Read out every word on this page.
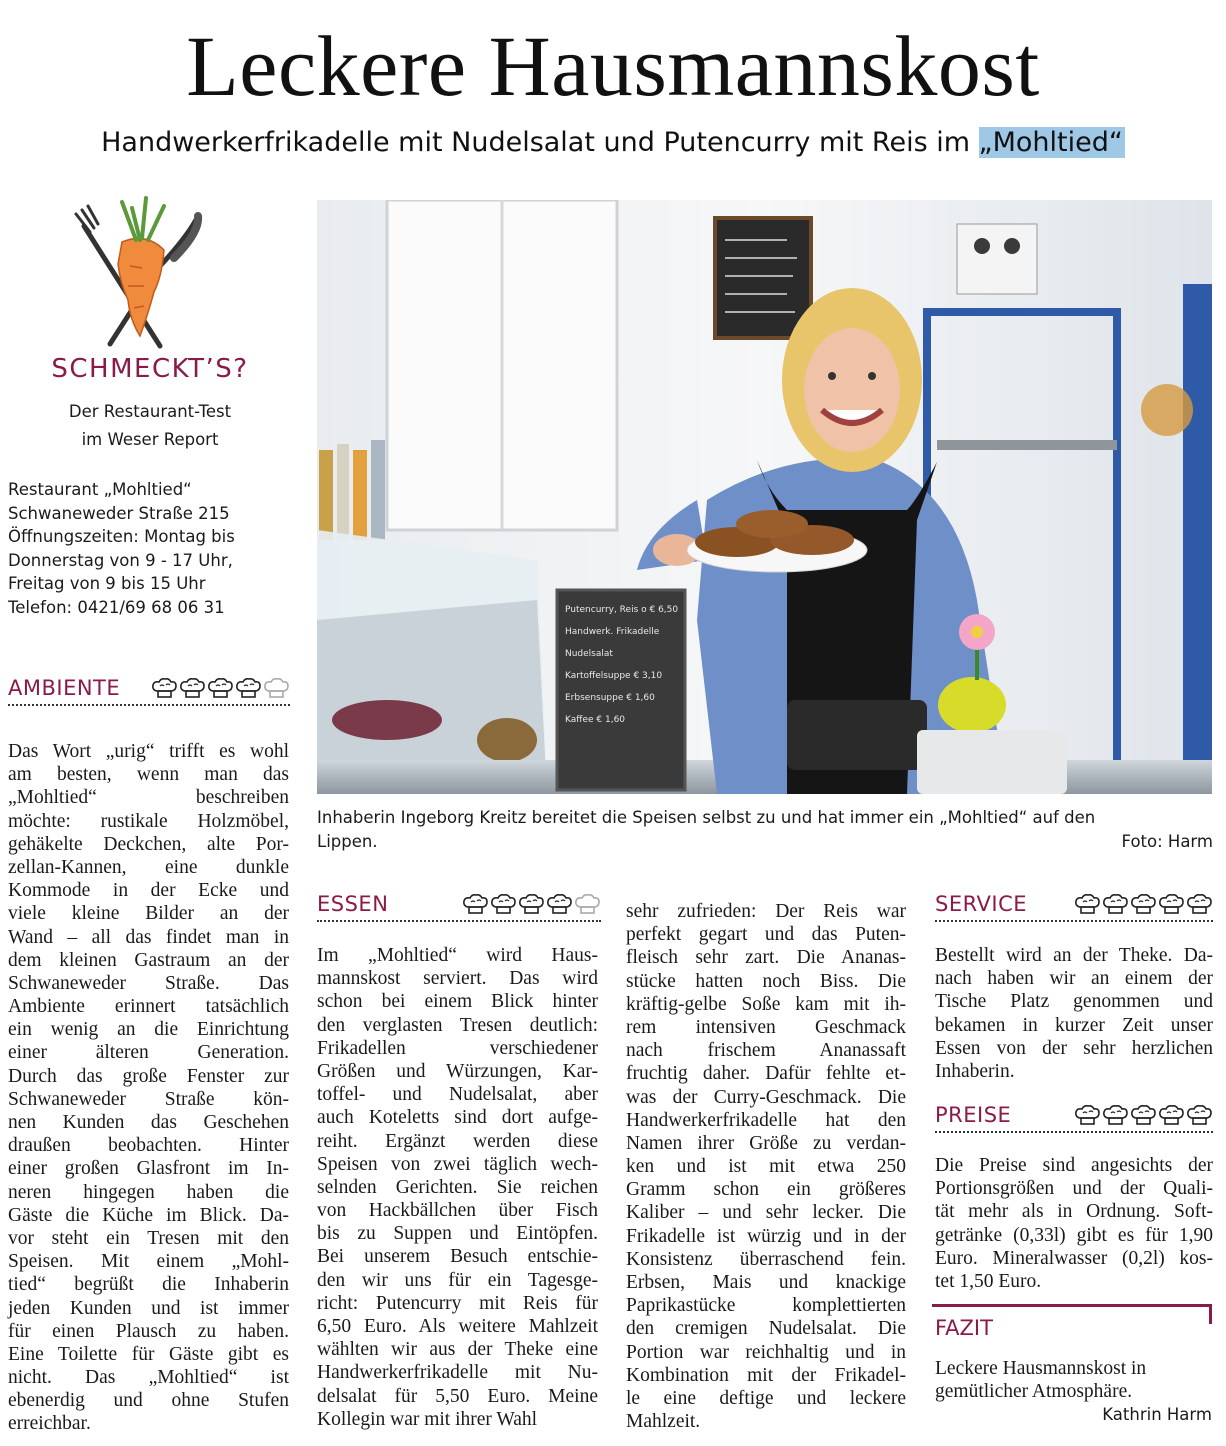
Leckere Hausmannskost
Handwerkerfrikadelle mit Nudelsalat und Putencurry mit Reis im „Mohltied“
SCHMECKT’S?
Der Restaurant-Test
im Weser Report
Restaurant „Mohltied“
Schwaneweder Straße 215
Öffnungszeiten: Montag bis
Donnerstag von 9 - 17 Uhr,
Freitag von 9 bis 15 Uhr
Telefon: 0421/69 68 06 31	Putencurry, Reis o € 6,50
Handwerk. Frikadelle
Nudelsalat
Kartoffelsuppe € 3,10
Erbsensuppe € 1,60
Kaffee € 1,60
Inhaberin Ingeborg Kreitz bereitet die Speisen selbst zu und hat immer ein „Mohltied“ auf den
Lippen.	Foto: Harm
AMBIENTE
ESSEN	SERVICE
PREISE
Das Wort „urig“ trifft es wohl
am besten, wenn man das
„Mohltied“ beschreiben
möchte: rustikale Holzmöbel,
gehäkelte Deckchen, alte Por-
zellan-Kannen, eine dunkle
Kommode in der Ecke und
viele kleine Bilder an der
Wand – all das findet man in
dem kleinen Gastraum an der
Schwaneweder Straße. Das
Ambiente erinnert tatsächlich
ein wenig an die Einrichtung
einer älteren Generation.
Durch das große Fenster zur
Schwaneweder Straße kön-
nen Kunden das Geschehen
draußen beobachten. Hinter
einer großen Glasfront im In-
neren hingegen haben die
Gäste die Küche im Blick. Da-
vor steht ein Tresen mit den
Speisen. Mit einem „Mohl-
tied“ begrüßt die Inhaberin
jeden Kunden und ist immer
für einen Plausch zu haben.
Eine Toilette für Gäste gibt es
nicht. Das „Mohltied“ ist
ebenerdig und ohne Stufen
erreichbar.
Im „Mohltied“ wird Haus-
mannskost serviert. Das wird
schon bei einem Blick hinter
den verglasten Tresen deutlich:
Frikadellen verschiedener
Größen und Würzungen, Kar-
toffel- und Nudelsalat, aber
auch Koteletts sind dort aufge-
reiht. Ergänzt werden diese
Speisen von zwei täglich wech-
selnden Gerichten. Sie reichen
von Hackbällchen über Fisch
bis zu Suppen und Eintöpfen.
Bei unserem Besuch entschie-
den wir uns für ein Tagesge-
richt: Putencurry mit Reis für
6,50 Euro. Als weitere Mahlzeit
wählten wir aus der Theke eine
Handwerkerfrikadelle mit Nu-
delsalat für 5,50 Euro. Meine
Kollegin war mit ihrer Wahl
sehr zufrieden: Der Reis war
perfekt gegart und das Puten-
fleisch sehr zart. Die Ananas-
stücke hatten noch Biss. Die
kräftig-gelbe Soße kam mit ih-
rem intensiven Geschmack
nach frischem Ananassaft
fruchtig daher. Dafür fehlte et-
was der Curry-Geschmack. Die
Handwerkerfrikadelle hat den
Namen ihrer Größe zu verdan-
ken und ist mit etwa 250
Gramm schon ein größeres
Kaliber – und sehr lecker. Die
Frikadelle ist würzig und in der
Konsistenz überraschend fein.
Erbsen, Mais und knackige
Paprikastücke komplettierten
den cremigen Nudelsalat. Die
Portion war reichhaltig und in
Kombination mit der Frikadel-
le eine deftige und leckere
Mahlzeit.
Bestellt wird an der Theke. Da-
nach haben wir an einem der
Tische Platz genommen und
bekamen in kurzer Zeit unser
Essen von der sehr herzlichen
Inhaberin.
Die Preise sind angesichts der
Portionsgrößen und der Quali-
tät mehr als in Ordnung. Soft-
getränke (0,33l) gibt es für 1,90
Euro. Mineralwasser (0,2l) kos-
tet 1,50 Euro.
FAZIT
Leckere Hausmannskost in
gemütlicher Atmosphäre.
Kathrin Harm
